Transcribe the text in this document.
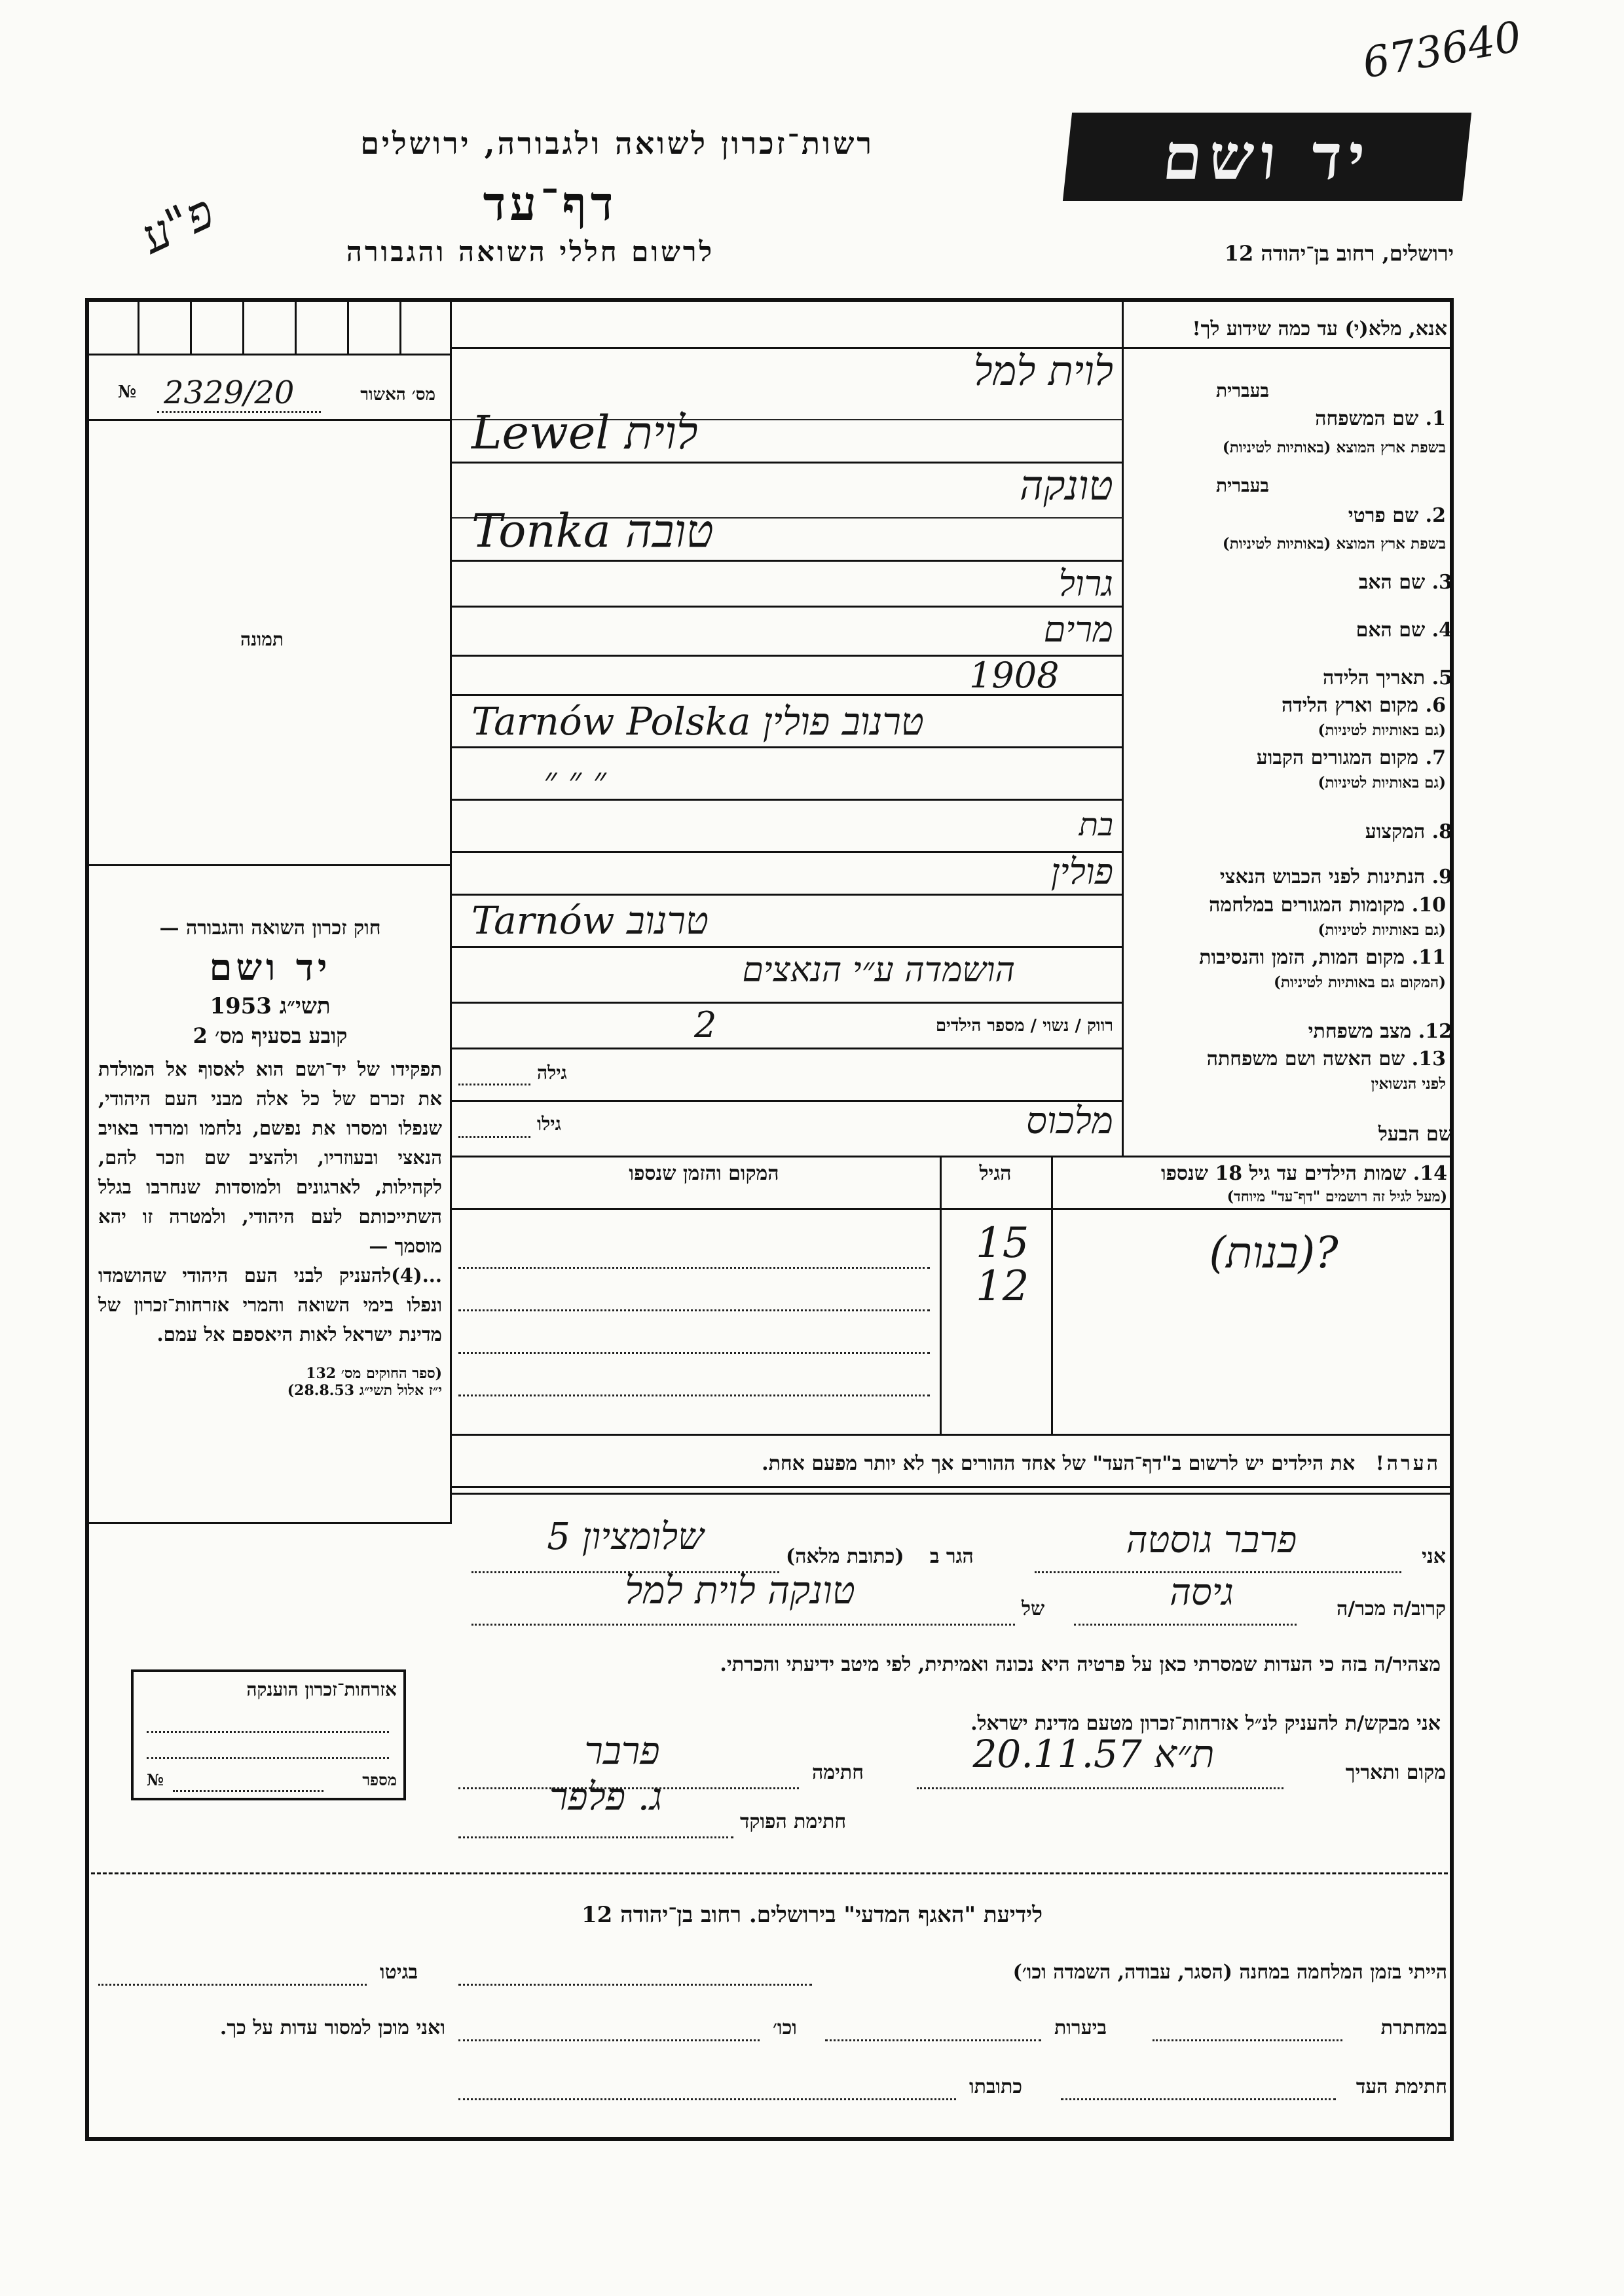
673640
פ"ע
רשות־זכרון לשואה ולגבורה, ירושלים
דף־עד
לרשום חללי השואה והגבורה
יד ושם
ירושלים, רחוב בן־יהודה 12
אנא, מלא(י) עד כמה שידוע לך!
№ 2329/20	מס׳ האשור
תמונה
בעברית
1. שם המשפחה
בשפת ארץ המוצא (באותיות לטיניות)
בעברית
2. שם פרטי
בשפת ארץ המוצא (באותיות לטיניות)
3. שם האב
4. שם האם
5. תאריך הלידה
6. מקום וארץ הלידה
(גם באותיות לטיניות)
7. מקום המגורים הקבוע
(גם באותיות לטיניות)
8. המקצוע
9. הנתינות לפני הכבוש הנאצי
10. מקומות המגורים במלחמה
(גם באותיות לטיניות)
11. מקום המות, הזמן והנסיבות
(המקום גם באותיות לטיניות)
12. מצב משפחתי
13. שם האשה ושם משפחתה
לפני הנשואין
שם הבעל
לוית למל
Lewel לוית
טונקה
Tonka טובה
גרול
מרים
1908
Tarnów Polska טרנוב פולין
״ ״ ״
בת
פולין
Tarnów טרנוב
הושמדה ע״י הנאצים
רווק / נשוי / מספר הילדים
2
גילה
גילו	מלכוס
14. שמות הילדים עד גיל 18 שנספו
(מעל לגיל זה רושמים "דף־עד" מיוחד)
הגיל
המקום והזמן שנספו
?(בנות)
15
12
חוק זכרון השואה והגבורה —
יד ושם
תשי״ג 1953
קובע בסעיף מס׳ 2
תפקידו של יד־ושם הוא לאסוף אל המולדת את זכרם של כל אלה מבני העם היהודי, שנפלו ומסרו את נפשם, נלחמו ומרדו באויב הנאצי ובעוזריו, ולהציב שם וזכר להם, לקהילות, לארגונים ולמוסדות שנחרבו בגלל השתייכותם לעם היהודי, ולמטרה זו יהא מוסמך —
...(4)להעניק לבני העם היהודי שהושמדו ונפלו בימי השואה והמרי אזרחות־זכרון של מדינת ישראל לאות היאספם אל עמם.
(ספר החוקים מס׳ 132
י״ז אלול תשי״ג 28.8.53)
הערה!   את הילדים יש לרשום ב"דף־העד" של אחד ההורים אך לא יותר מפעם אחת.
אני
פרבר גוסטה
הגר ב
(כתובת מלאה)
שלומציון 5
קרוב/ה מכר/ה
גיסה
של
טונקה לוית למל
מצהיר/ה בזה כי העדות שמסרתי כאן על פרטיה היא נכונה ואמיתית, לפי מיטב ידיעתי והכרתי.
אני מבקש/ת להעניק לנ״ל אזרחות־זכרון מטעם מדינת ישראל.
מקום ותאריך
ת״א 20.11.57
חתימה
פרבר
חתימת הפוקד
ג. פלפר
אזרחות־זכרון הוענקה
מספר
№
לידיעת "האגף המדעי" בירושלים. רחוב בן־יהודה 12
הייתי בזמן המלחמה במחנה (הסגר, עבודה, השמדה וכו׳)
בגיטו
במחתרת
ביערות
וכו׳
ואני מוכן למסור עדות על כך.
חתימת העד
כתובתו
